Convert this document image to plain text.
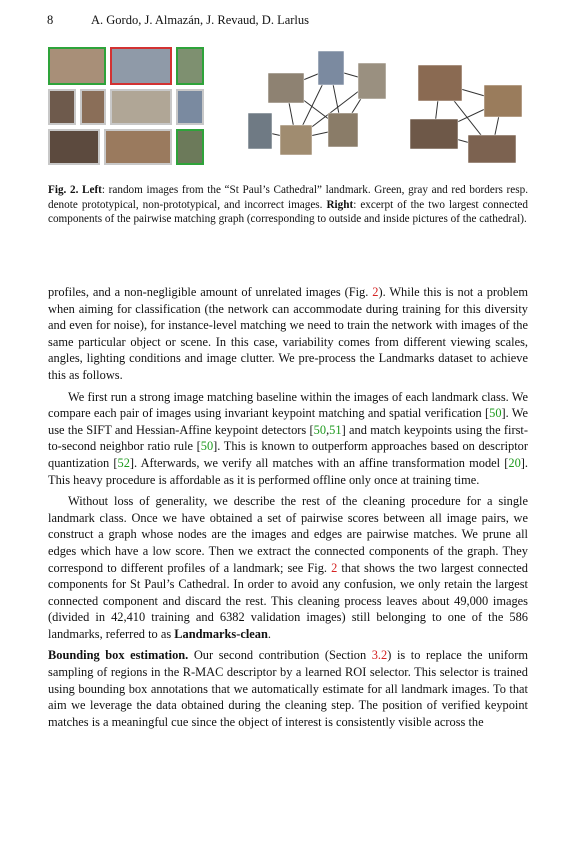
8	A. Gordo, J. Almazán, J. Revaud, D. Larlus
Fig. 2. Left: random images from the “St Paul’s Cathedral” landmark. Green, gray and red borders resp. denote prototypical, non-prototypical, and incorrect images. Right: excerpt of the two largest connected components of the pairwise matching graph (corresponding to outside and inside pictures of the cathedral).

profiles, and a non-negligible amount of unrelated images (Fig. 2). While this is not a problem when aiming for classification (the network can accommodate during training for this diversity and even for noise), for instance-level matching we need to train the network with images of the same particular object or scene. In this case, variability comes from different viewing scales, angles, lighting conditions and image clutter. We pre-process the Landmarks dataset to achieve this as follows.

We first run a strong image matching baseline within the images of each landmark class. We compare each pair of images using invariant keypoint matching and spatial verification [50]. We use the SIFT and Hessian-Affine keypoint detectors [50,51] and match keypoints using the first-to-second neighbor ratio rule [50]. This is known to outperform approaches based on descriptor quantization [52]. Afterwards, we verify all matches with an affine transformation model [20]. This heavy procedure is affordable as it is performed offline only once at training time.

Without loss of generality, we describe the rest of the cleaning procedure for a single landmark class. Once we have obtained a set of pairwise scores between all image pairs, we construct a graph whose nodes are the images and edges are pairwise matches. We prune all edges which have a low score. Then we extract the connected components of the graph. They correspond to different profiles of a landmark; see Fig. 2 that shows the two largest connected components for St Paul’s Cathedral. In order to avoid any confusion, we only retain the largest connected component and discard the rest. This cleaning process leaves about 49,000 images (divided in 42,410 training and 6382 validation images) still belonging to one of the 586 landmarks, referred to as Landmarks-clean.

Bounding box estimation. Our second contribution (Section 3.2) is to replace the uniform sampling of regions in the R-MAC descriptor by a learned ROI selector. This selector is trained using bounding box annotations that we automatically estimate for all landmark images. To that aim we leverage the data obtained during the cleaning step. The position of verified keypoint matches is a meaningful cue since the object of interest is consistently visible across the
